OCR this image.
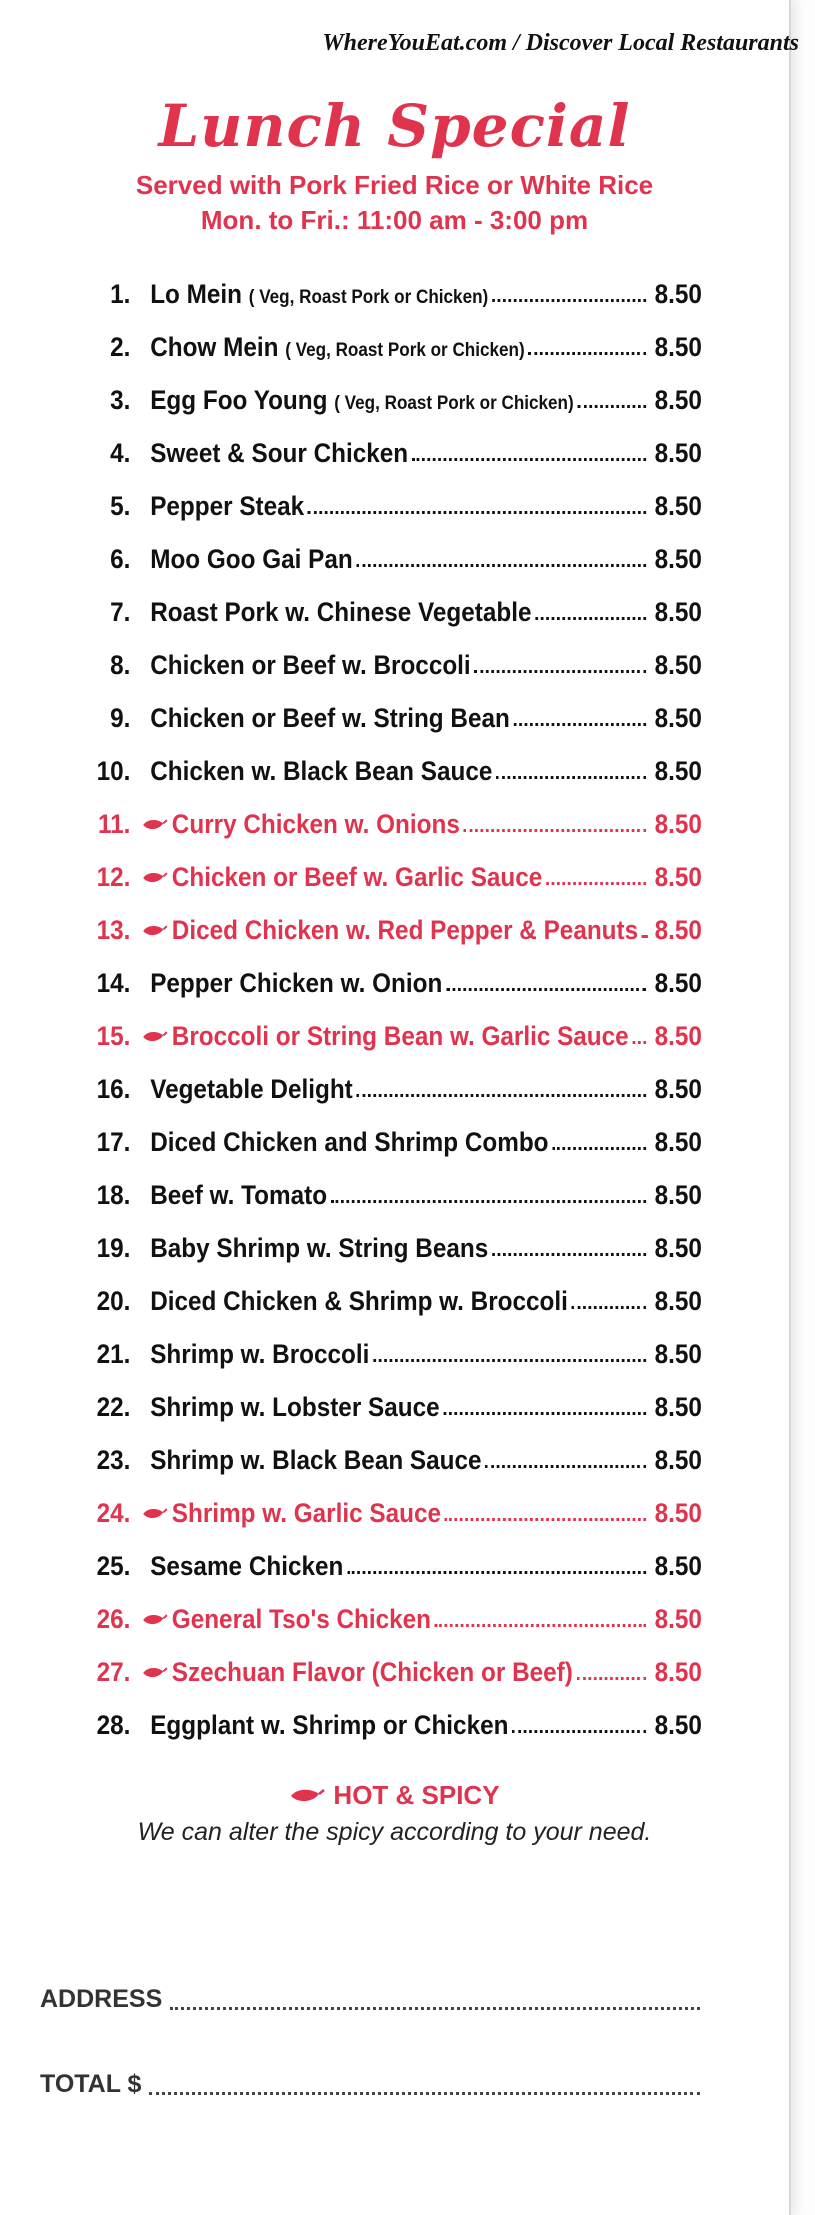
WhereYouEat.com / Discover Local Restaurants
Lunch Special
Served with Pork Fried Rice or White Rice
Mon. to Fri.: 11:00 am - 3:00 pm
1. Lo Mein ( Veg, Roast Pork or Chicken)	8.50
2. Chow Mein ( Veg, Roast Pork or Chicken)	8.50
3. Egg Foo Young ( Veg, Roast Pork or Chicken)	8.50
4. Sweet & Sour Chicken	8.50
5. Pepper Steak	8.50
6. Moo Goo Gai Pan	8.50
7. Roast Pork w. Chinese Vegetable	8.50
8. Chicken or Beef w. Broccoli	8.50
9. Chicken or Beef w. String Bean	8.50
10. Chicken w. Black Bean Sauce	8.50
11. Curry Chicken w. Onions	8.50
12. Chicken or Beef w. Garlic Sauce	8.50
13. Diced Chicken w. Red Pepper & Peanuts 8.50
14. Pepper Chicken w. Onion	8.50
15. Broccoli or String Bean w. Garlic Sauce 8.50
16. Vegetable Delight	8.50
17. Diced Chicken and Shrimp Combo	8.50
18. Beef w. Tomato	8.50
19. Baby Shrimp w. String Beans	8.50
20. Diced Chicken & Shrimp w. Broccoli	8.50
21. Shrimp w. Broccoli	8.50
22. Shrimp w. Lobster Sauce	8.50
23. Shrimp w. Black Bean Sauce	8.50
24. Shrimp w. Garlic Sauce	8.50
25. Sesame Chicken	8.50
26. General Tso's Chicken	8.50
27. Szechuan Flavor (Chicken or Beef)	8.50
28. Eggplant w. Shrimp or Chicken	8.50
HOT & SPICY
We can alter the spicy according to your need.
ADDRESS
TOTAL $
